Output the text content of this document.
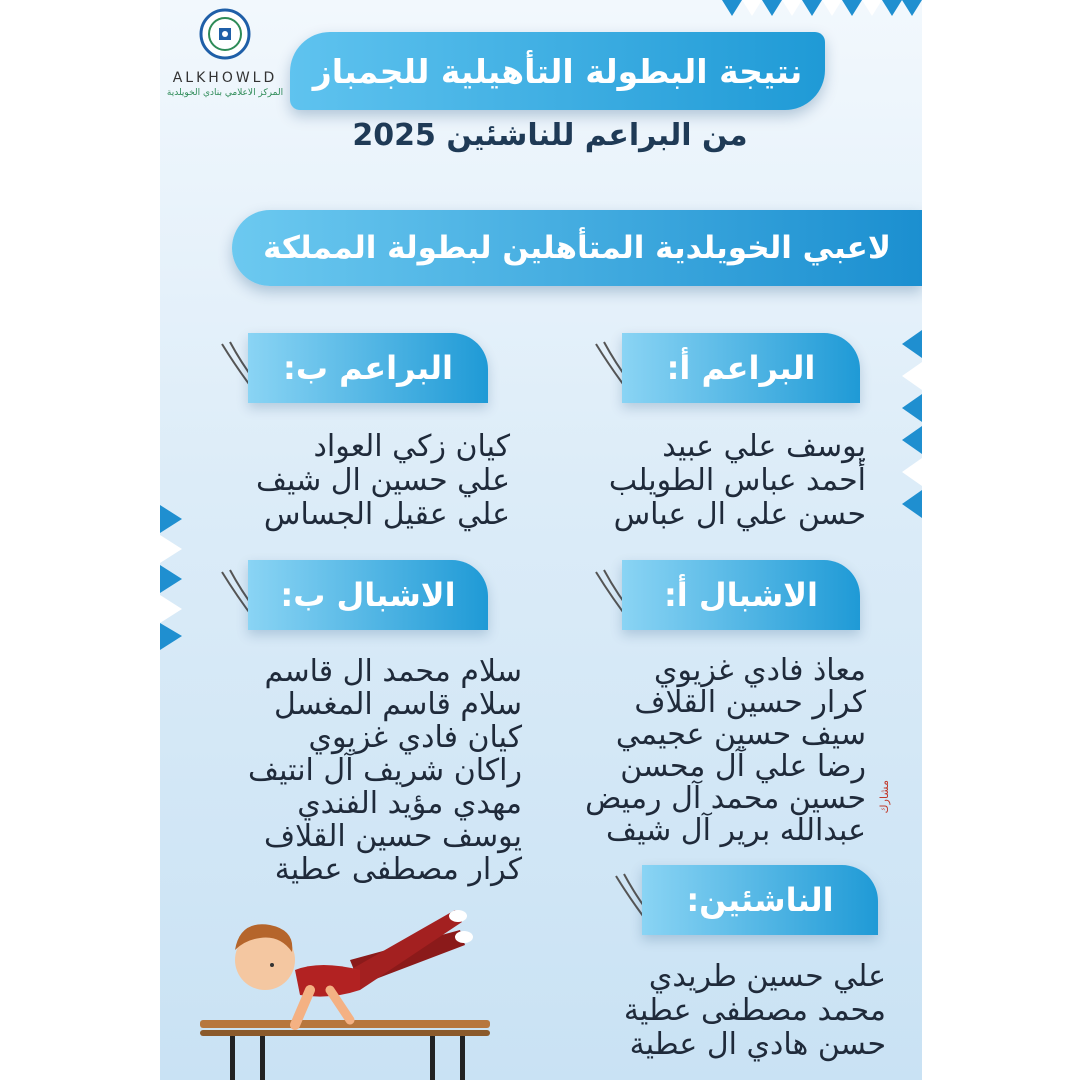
ALKHOWLD
المركز الاعلامي بنادي الخويلدية
نتيجة البطولة التأهيلية للجمباز
من البراعم للناشئين 2025
لاعبي الخويلدية المتأهلين لبطولة المملكة
البراعم أ:
يوسف علي عبيد
أحمد عباس الطويلب
حسن علي ال عباس
البراعم ب:
كيان زكي العواد
علي حسين ال شيف
علي عقيل الجساس
الاشبال أ:
معاذ فادي غزيوي
كرار حسين القلاف
سيف حسين عجيمي
رضا علي آل محسن
حسين محمد آل رميض
عبدالله برير آل شيف
مشارك
الاشبال ب:
سلام محمد ال قاسم
سلام قاسم المغسل
كيان فادي غزيوي
راكان شريف آل انتيف
مهدي مؤيد الفندي
يوسف حسين القلاف
كرار مصطفى عطية
الناشئين:
علي حسين طريدي
محمد مصطفى عطية
حسن هادي ال عطية
